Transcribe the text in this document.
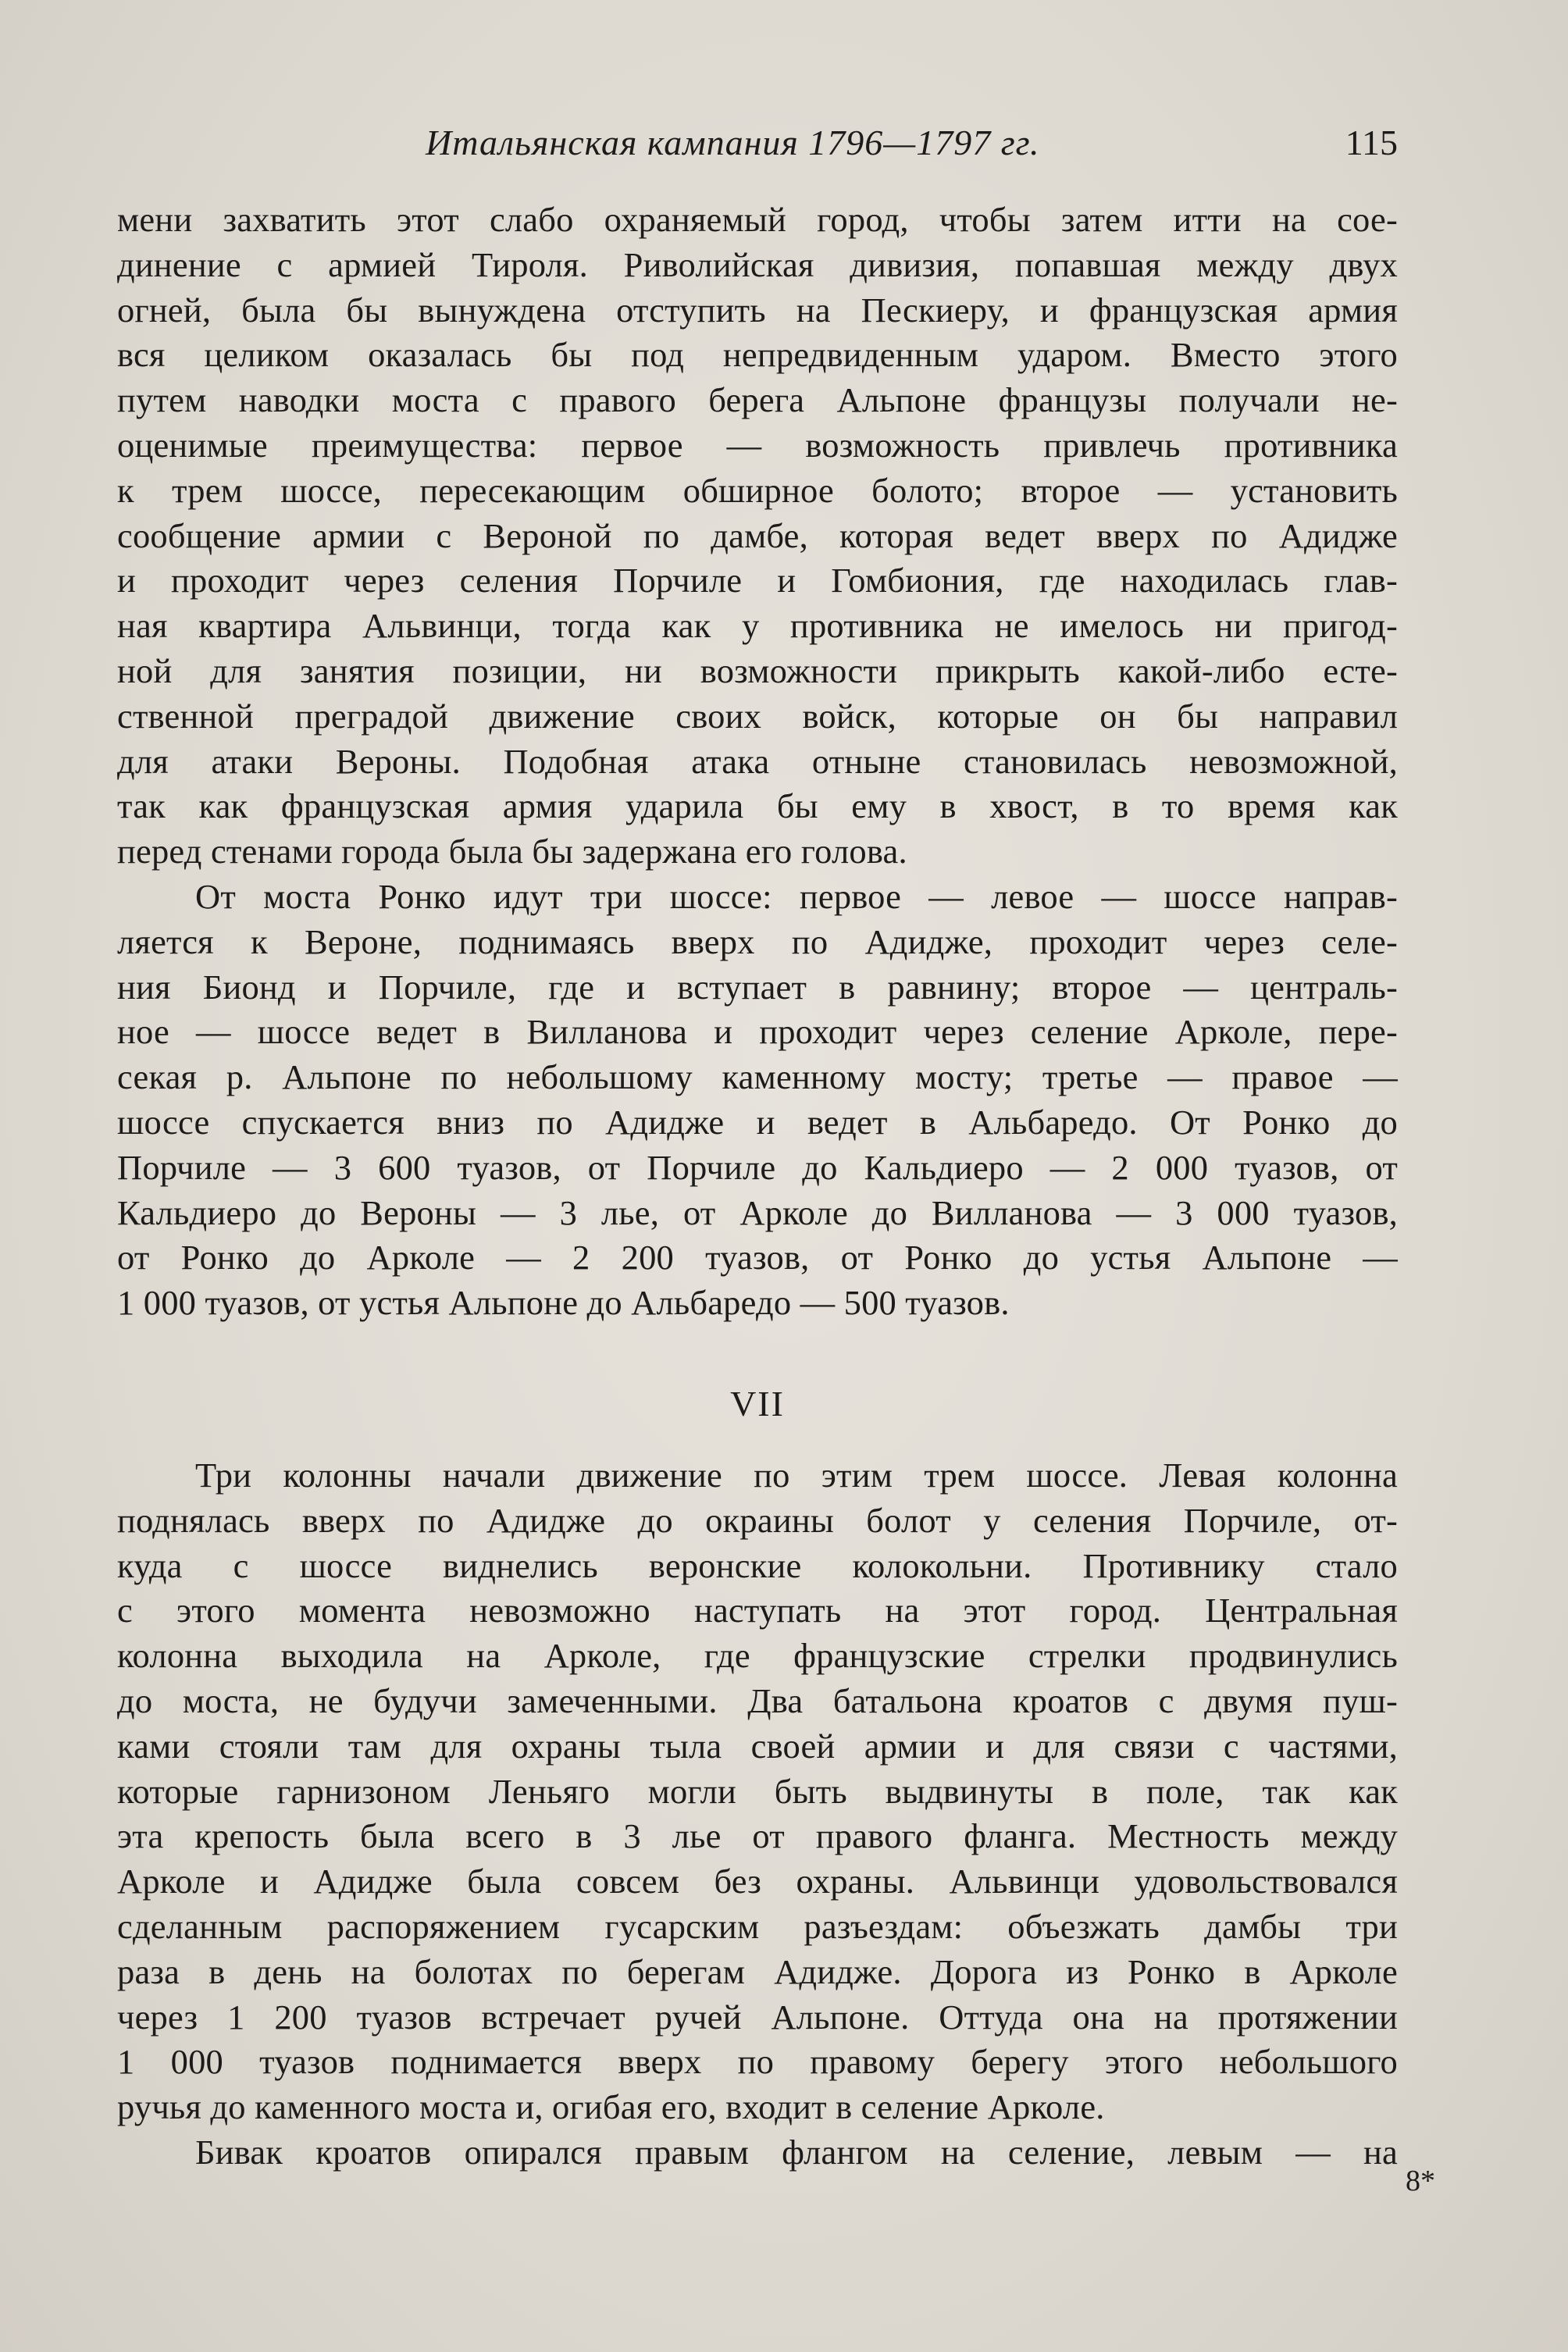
Итальянская кампания 1796—1797 гг.	115
мени захватить этот слабо охраняемый город, чтобы затем итти на сое-
динение с армией Тироля. Риволийская дивизия, попавшая между двух
огней, была бы вынуждена отступить на Пескиеру, и французская армия
вся целиком оказалась бы под непредвиденным ударом. Вместо этого
путем наводки моста с правого берега Альпоне французы получали не-
оценимые преимущества: первое — возможность привлечь противника
к трем шоссе, пересекающим обширное болото; второе — установить
сообщение армии с Вероной по дамбе, которая ведет вверх по Адидже
и проходит через селения Порчиле и Гомбиония, где находилась глав-
ная квартира Альвинци, тогда как у противника не имелось ни пригод-
ной для занятия позиции, ни возможности прикрыть какой-либо есте-
ственной преградой движение своих войск, которые он бы направил
для атаки Вероны. Подобная атака отныне становилась невозможной,
так как французская армия ударила бы ему в хвост, в то время как
перед стенами города была бы задержана его голова.
От моста Ронко идут три шоссе: первое — левое — шоссе направ-
ляется к Вероне, поднимаясь вверх по Адидже, проходит через селе-
ния Бионд и Порчиле, где и вступает в равнину; второе — централь-
ное — шоссе ведет в Вилланова и проходит через селение Арколе, пере-
секая р. Альпоне по небольшому каменному мосту; третье — правое —
шоссе спускается вниз по Адидже и ведет в Альбаредо. От Ронко до
Порчиле — 3 600 туазов, от Порчиле до Кальдиеро — 2 000 туазов, от
Кальдиеро до Вероны — 3 лье, от Арколе до Вилланова — 3 000 туазов,
от Ронко до Арколе — 2 200 туазов, от Ронко до устья Альпоне —
1 000 туазов, от устья Альпоне до Альбаредо — 500 туазов.
VII
Три колонны начали движение по этим трем шоссе. Левая колонна
поднялась вверх по Адидже до окраины болот у селения Порчиле, от-
куда с шоссе виднелись веронские колокольни. Противнику стало
с этого момента невозможно наступать на этот город. Центральная
колонна выходила на Арколе, где французские стрелки продвинулись
до моста, не будучи замеченными. Два батальона кроатов с двумя пуш-
ками стояли там для охраны тыла своей армии и для связи с частями,
которые гарнизоном Леньяго могли быть выдвинуты в поле, так как
эта крепость была всего в 3 лье от правого фланга. Местность между
Арколе и Адидже была совсем без охраны. Альвинци удовольствовался
сделанным распоряжением гусарским разъездам: объезжать дамбы три
раза в день на болотах по берегам Адидже. Дорога из Ронко в Арколе
через 1 200 туазов встречает ручей Альпоне. Оттуда она на протяжении
1 000 туазов поднимается вверх по правому берегу этого небольшого
ручья до каменного моста и, огибая его, входит в селение Арколе.
Бивак кроатов опирался правым флангом на селение, левым — на
8*
